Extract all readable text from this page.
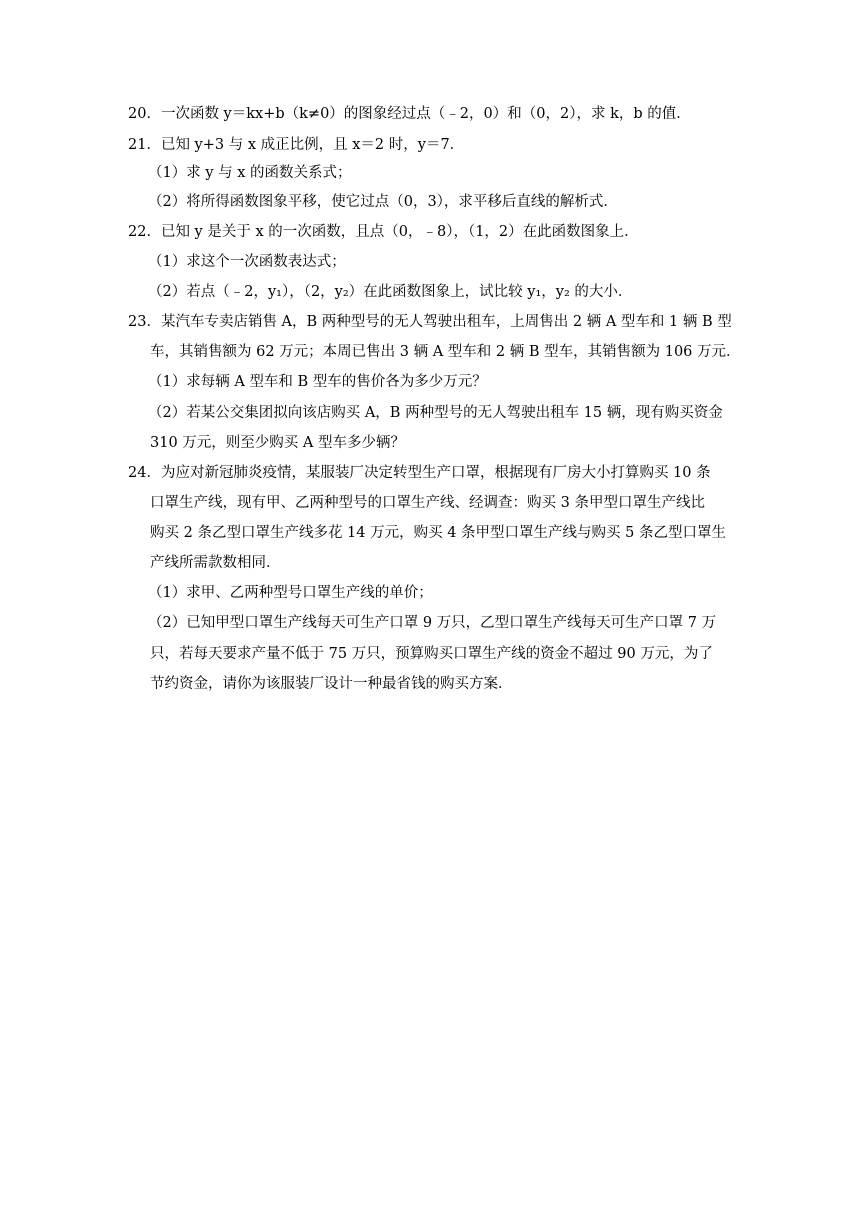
20．一次函数 y＝kx+b（k≠0）的图象经过点（﹣2，0）和（0，2），求 k，b 的值．
21．已知 y+3 与 x 成正比例，且 x＝2 时，y＝7．
（1）求 y 与 x 的函数关系式；
（2）将所得函数图象平移，使它过点（0，3），求平移后直线的解析式．
22．已知 y 是关于 x 的一次函数，且点（0，﹣8），（1，2）在此函数图象上．
（1）求这个一次函数表达式；
（2）若点（﹣2，y₁），（2，y₂）在此函数图象上，试比较 y₁，y₂ 的大小．
23．某汽车专卖店销售 A，B 两种型号的无人驾驶出租车，上周售出 2 辆 A 型车和 1 辆 B 型
车，其销售额为 62 万元；本周已售出 3 辆 A 型车和 2 辆 B 型车，其销售额为 106 万元．
（1）求每辆 A 型车和 B 型车的售价各为多少万元？
（2）若某公交集团拟向该店购买 A，B 两种型号的无人驾驶出租车 15 辆，现有购买资金
310 万元，则至少购买 A 型车多少辆？
24．为应对新冠肺炎疫情，某服装厂决定转型生产口罩，根据现有厂房大小打算购买 10 条
口罩生产线，现有甲、乙两种型号的口罩生产线、经调查：购买 3 条甲型口罩生产线比
购买 2 条乙型口罩生产线多花 14 万元，购买 4 条甲型口罩生产线与购买 5 条乙型口罩生
产线所需款数相同．
（1）求甲、乙两种型号口罩生产线的单价；
（2）已知甲型口罩生产线每天可生产口罩 9 万只，乙型口罩生产线每天可生产口罩 7 万
只，若每天要求产量不低于 75 万只，预算购买口罩生产线的资金不超过 90 万元，为了
节约资金，请你为该服装厂设计一种最省钱的购买方案．
